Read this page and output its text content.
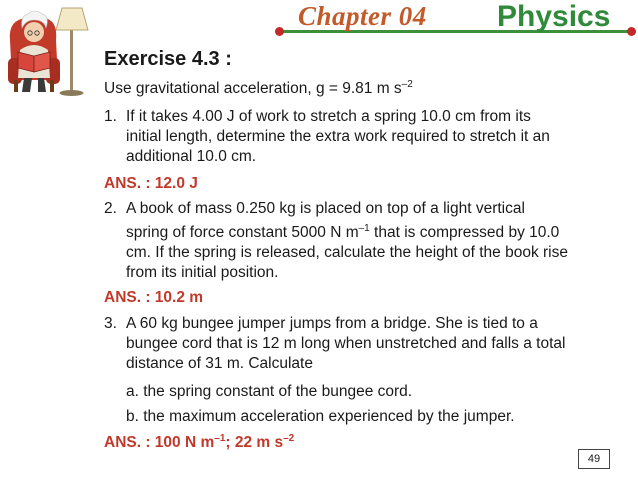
Chapter 04 Physics
Exercise 4.3 :
Use gravitational acceleration, g = 9.81 m $s^{-2}$
1. If it takes 4.00 J of work to stretch a spring 10.0 cm from its
initial length, determine the extra work required to stretch it an
additional 10.0 cm.
ANS. : 12.0 J
2. A book of mass 0.250 kg is placed on top of a light vertical
spring of force constant 5000 N $m^{-1}$ that is compressed by 10.0
cm. If the spring is released, calculate the height of the book rise
from its initial position.
ANS. : 10.2 m
3. A 60 kg bungee jumper jumps from a bridge. She is tied to a
bungee cord that is 12 m long when unstretched and falls a total
distance of 31 m. Calculate
a. the spring constant of the bungee cord.
b. the maximum acceleration experienced by the jumper.
ANS. : 100 N $m^{-1}$; 22 m $s^{-2}$
49
